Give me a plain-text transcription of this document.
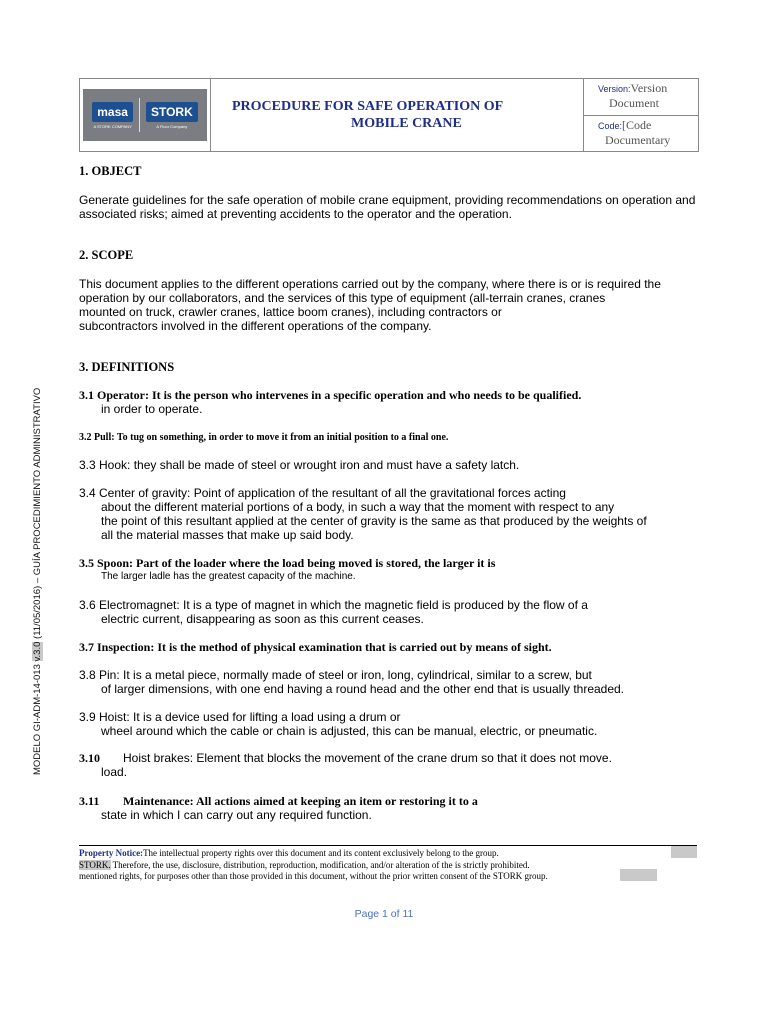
masa
A STORK COMPANY
STORK
A Fluor Company
PROCEDURE FOR SAFE OPERATION OF
MOBILE CRANE
Version:Version
Document
Code:[Code
Documentary
MODELO GI-ADM-14-013 v.3.0 (11/05/2016) – GUÍA PROCEDIMIENTO ADMINISTRATIVO
1. OBJECT
Generate guidelines for the safe operation of mobile crane equipment, providing recommendations on operation and associated risks; aimed at preventing accidents to the operator and the operation.
2. SCOPE
This document applies to the different operations carried out by the company, where there is or is required the
operation by our collaborators, and the services of this type of equipment (all-terrain cranes, cranes
mounted on truck, crawler cranes, lattice boom cranes), including contractors or
subcontractors involved in the different operations of the company.
3. DEFINITIONS
3.1 Operator: It is the person who intervenes in a specific operation and who needs to be qualified.
in order to operate.
3.2 Pull: To tug on something, in order to move it from an initial position to a final one.
3.3 Hook: they shall be made of steel or wrought iron and must have a safety latch.
3.4 Center of gravity: Point of application of the resultant of all the gravitational forces acting
about the different material portions of a body, in such a way that the moment with respect to any
the point of this resultant applied at the center of gravity is the same as that produced by the weights of
all the material masses that make up said body.
3.5 Spoon: Part of the loader where the load being moved is stored, the larger it is
The larger ladle has the greatest capacity of the machine.
3.6 Electromagnet: It is a type of magnet in which the magnetic field is produced by the flow of a
electric current, disappearing as soon as this current ceases.
3.7 Inspection: It is the method of physical examination that is carried out by means of sight.
3.8 Pin: It is a metal piece, normally made of steel or iron, long, cylindrical, similar to a screw, but
of larger dimensions, with one end having a round head and the other end that is usually threaded.
3.9 Hoist: It is a device used for lifting a load using a drum or
wheel around which the cable or chain is adjusted, this can be manual, electric, or pneumatic.
3.10 Hoist brakes: Element that blocks the movement of the crane drum so that it does not move.
load.
3.11 Maintenance: All actions aimed at keeping an item or restoring it to a
state in which I can carry out any required function.
Property Notice:The intellectual property rights over this document and its content exclusively belong to the group.
STORK. Therefore, the use, disclosure, distribution, reproduction, modification, and/or alteration of the is strictly prohibited.
mentioned rights, for purposes other than those provided in this document, without the prior written consent of the STORK group.
Page 1 of 11
